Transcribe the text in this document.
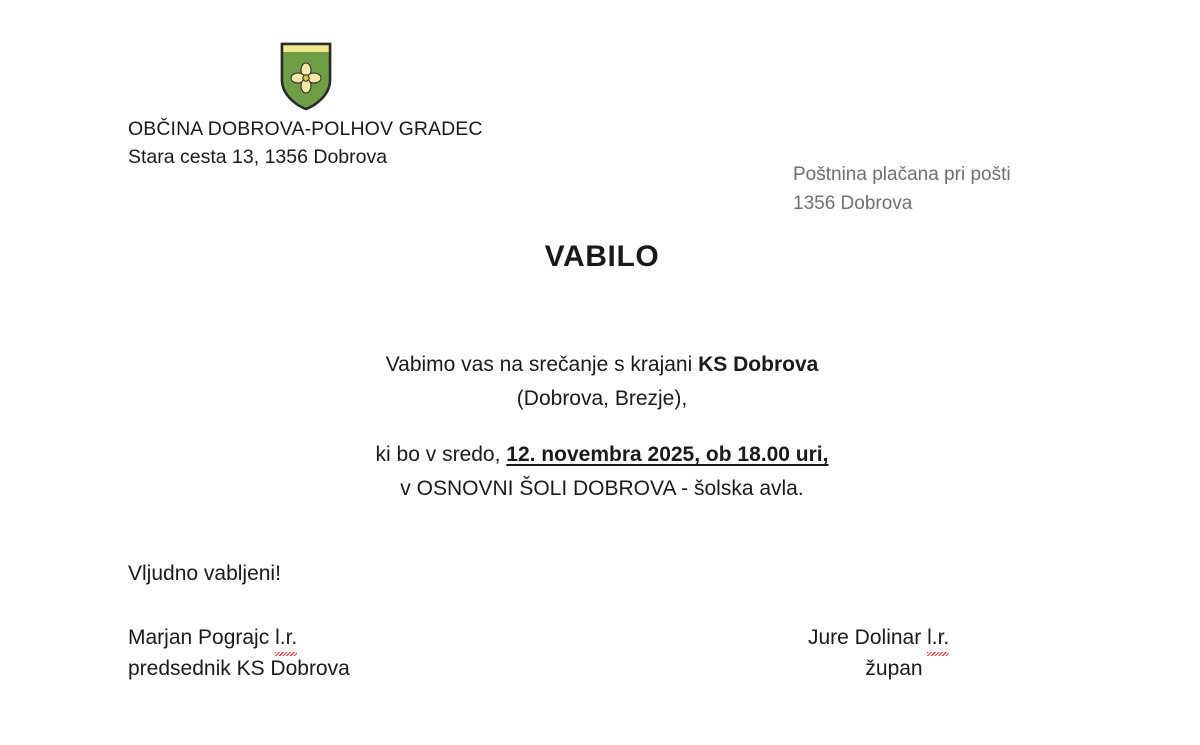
OBČINA DOBROVA-POLHOV GRADEC
Stara cesta 13, 1356 Dobrova
Poštnina plačana pri pošti
1356 Dobrova
VABILO
Vabimo vas na srečanje s krajani KS Dobrova
(Dobrova, Brezje),
ki bo v sredo, 12. novembra 2025, ob 18.00 uri,
v OSNOVNI ŠOLI DOBROVA - šolska avla.
Vljudno vabljeni!
Marjan Pograjc l.r.
predsednik KS Dobrova
Jure Dolinar l.r.
župan
